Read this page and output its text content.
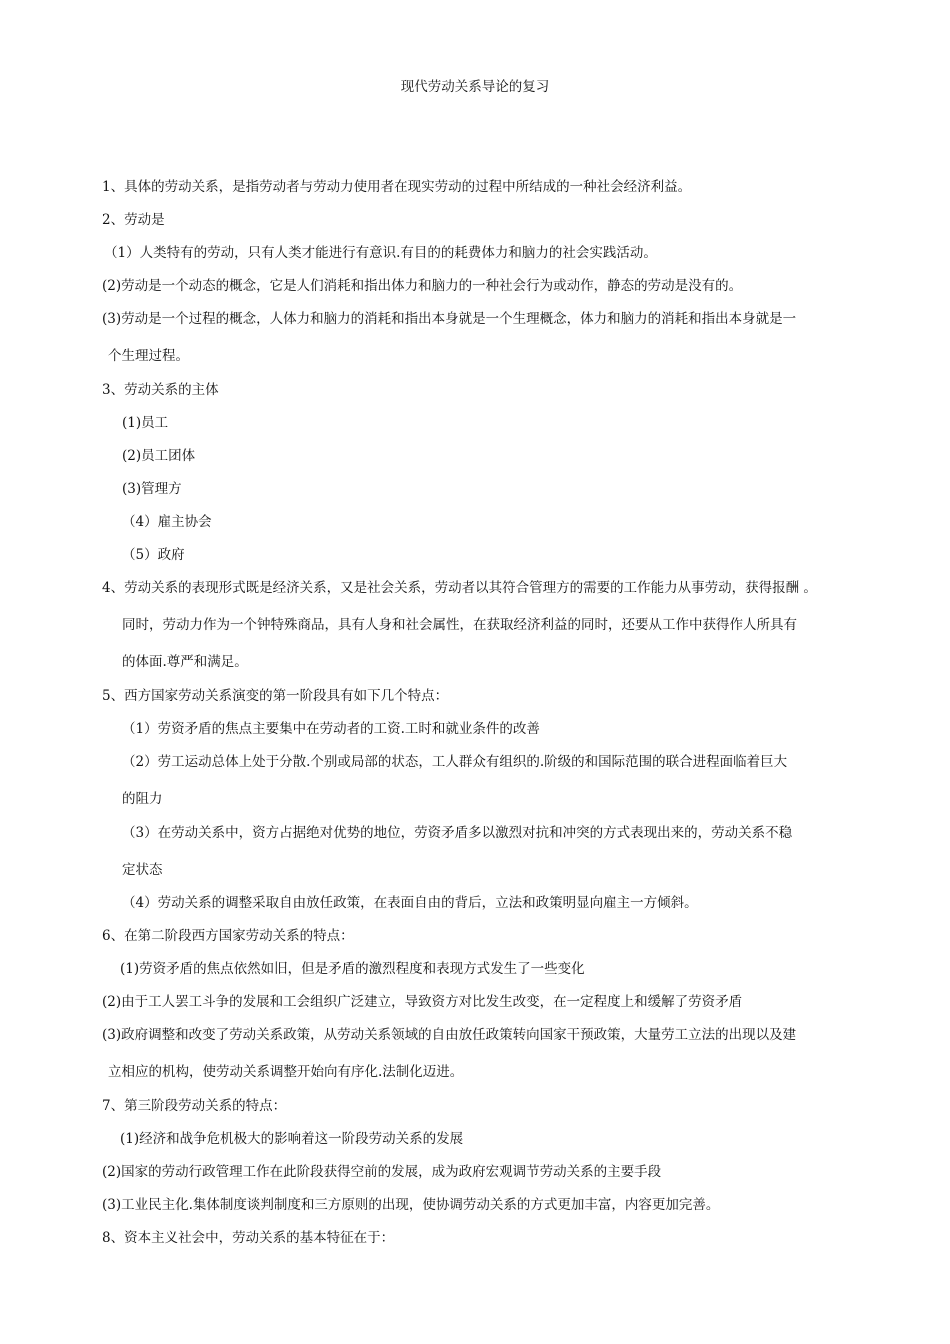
现代劳动关系导论的复习
1、具体的劳动关系，是指劳动者与劳动力使用者在现实劳动的过程中所结成的一种社会经济利益。
2、劳动是
（1）人类特有的劳动，只有人类才能进行有意识.有目的的耗费体力和脑力的社会实践活动。
(2)劳动是一个动态的概念，它是人们消耗和指出体力和脑力的一种社会行为或动作，静态的劳动是没有的。
(3)劳动是一个过程的概念，人体力和脑力的消耗和指出本身就是一个生理概念，体力和脑力的消耗和指出本身就是一
个生理过程。
3、劳动关系的主体
(1)员工
(2)员工团体
(3)管理方
（4）雇主协会
（5）政府
4、劳动关系的表现形式既是经济关系，又是社会关系，劳动者以其符合管理方的需要的工作能力从事劳动，获得报酬 。
同时，劳动力作为一个钟特殊商品，具有人身和社会属性，在获取经济利益的同时，还要从工作中获得作人所具有
的体面.尊严和满足。
5、西方国家劳动关系演变的第一阶段具有如下几个特点：
（1）劳资矛盾的焦点主要集中在劳动者的工资.工时和就业条件的改善
（2）劳工运动总体上处于分散.个别或局部的状态，工人群众有组织的.阶级的和国际范围的联合进程面临着巨大
的阻力
（3）在劳动关系中，资方占据绝对优势的地位，劳资矛盾多以激烈对抗和冲突的方式表现出来的，劳动关系不稳
定状态
（4）劳动关系的调整采取自由放任政策，在表面自由的背后，立法和政策明显向雇主一方倾斜。
6、在第二阶段西方国家劳动关系的特点：
(1)劳资矛盾的焦点依然如旧，但是矛盾的激烈程度和表现方式发生了一些变化
(2)由于工人罢工斗争的发展和工会组织广泛建立，导致资方对比发生改变，在一定程度上和缓解了劳资矛盾
(3)政府调整和改变了劳动关系政策，从劳动关系领域的自由放任政策转向国家干预政策，大量劳工立法的出现以及建
立相应的机构，使劳动关系调整开始向有序化.法制化迈进。
7、第三阶段劳动关系的特点：
(1)经济和战争危机极大的影响着这一阶段劳动关系的发展
(2)国家的劳动行政管理工作在此阶段获得空前的发展，成为政府宏观调节劳动关系的主要手段
(3)工业民主化.集体制度谈判制度和三方原则的出现，使协调劳动关系的方式更加丰富，内容更加完善。
8、资本主义社会中，劳动关系的基本特征在于：
